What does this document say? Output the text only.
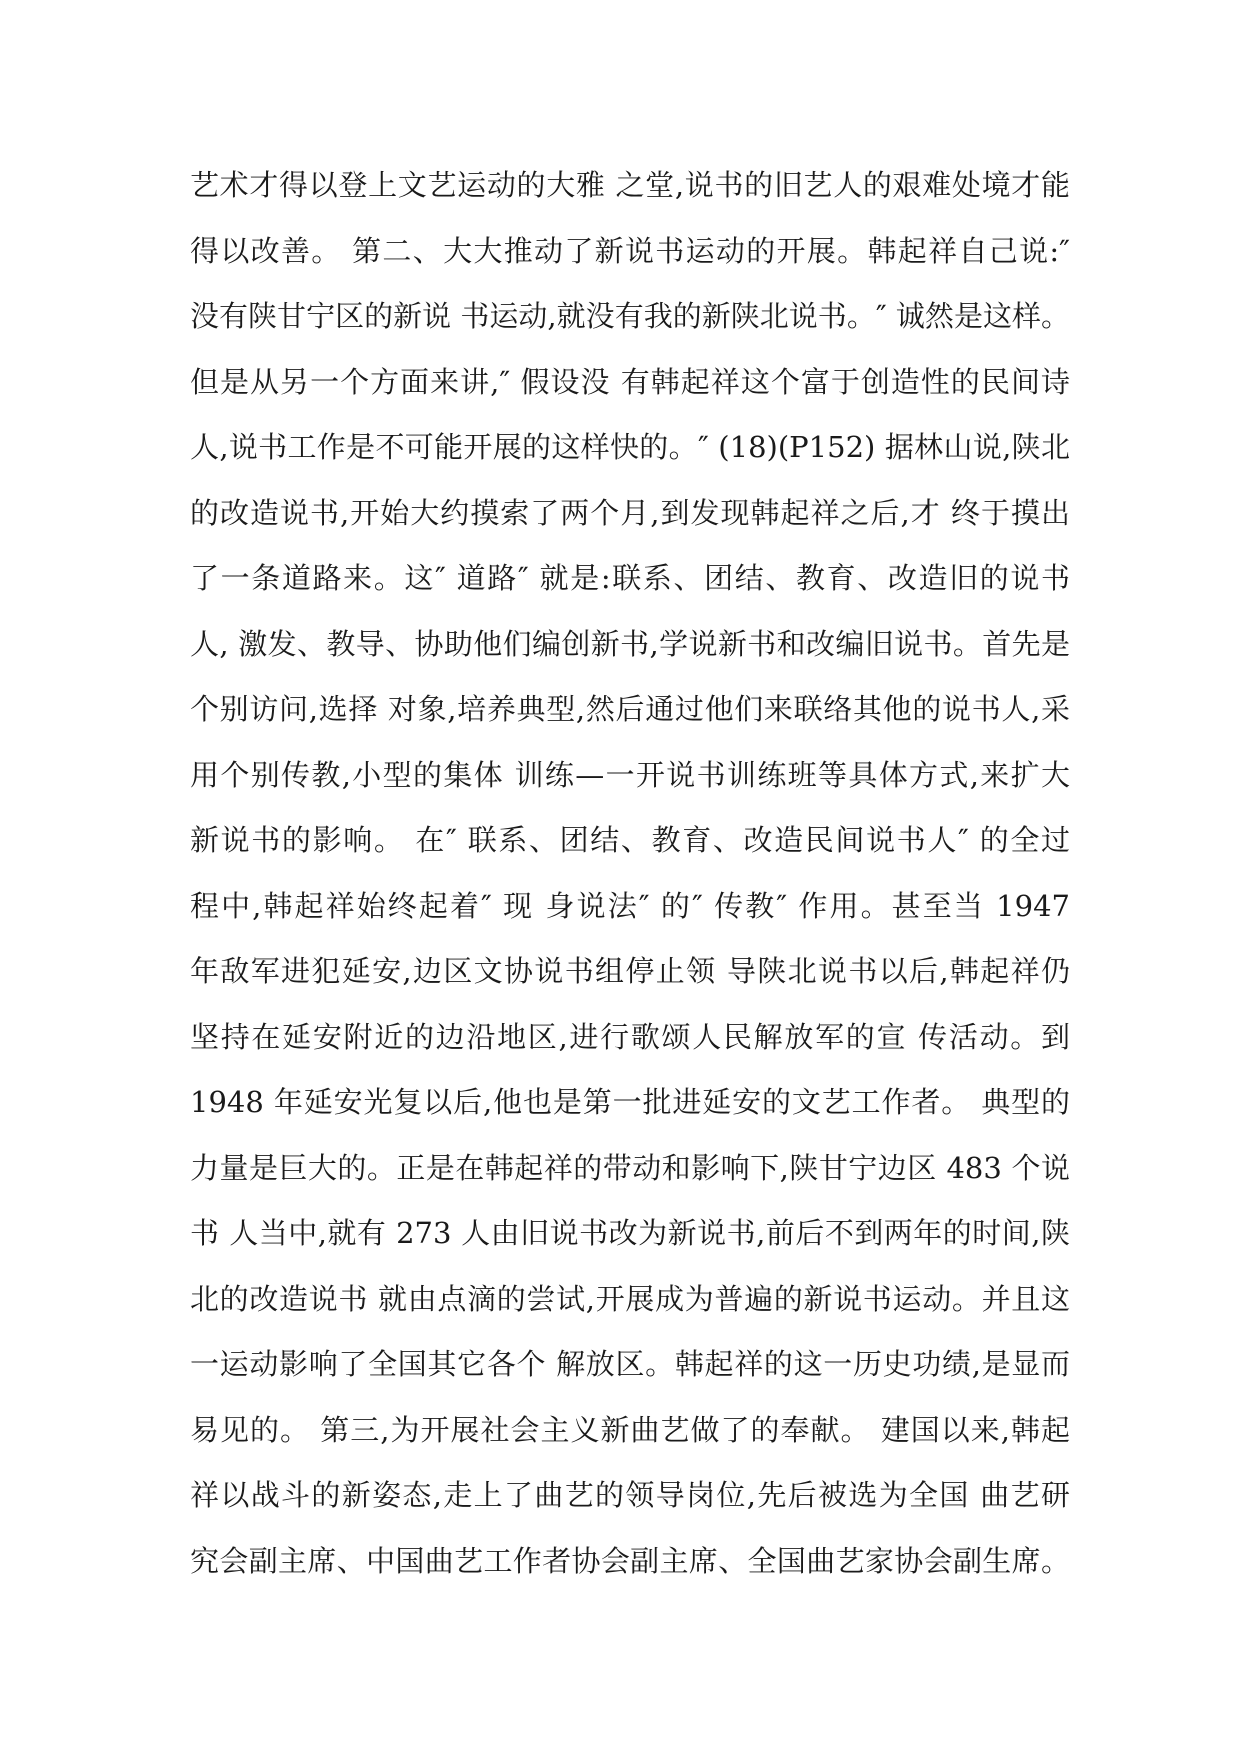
艺术才得以登上文艺运动的大雅 之堂,说书的旧艺人的艰难处境才能
得以改善。 第二、大大推动了新说书运动的开展。韩起祥自己说:″
没有陕甘宁区的新说 书运动,就没有我的新陕北说书。″ 诚然是这样。
但是从另一个方面来讲,″ 假设没 有韩起祥这个富于创造性的民间诗
人,说书工作是不可能开展的这样快的。″ (18)(P152) 据林山说,陕北
的改造说书,开始大约摸索了两个月,到发现韩起祥之后,才 终于摸出
了一条道路来。这″ 道路″ 就是:联系、团结、教育、改造旧的说书
人, 激发、教导、协助他们编创新书,学说新书和改编旧说书。首先是
个别访问,选择 对象,培养典型,然后通过他们来联络其他的说书人,采
用个别传教,小型的集体 训练—一开说书训练班等具体方式,来扩大
新说书的影响。 在″ 联系、团结、教育、改造民间说书人″ 的全过
程中,韩起祥始终起着″ 现 身说法″ 的″ 传教″ 作用。甚至当 1947
年敌军进犯延安,边区文协说书组停止领 导陕北说书以后,韩起祥仍
坚持在延安附近的边沿地区,进行歌颂人民解放军的宣 传活动。到
1948 年延安光复以后,他也是第一批进延安的文艺工作者。 典型的
力量是巨大的。正是在韩起祥的带动和影响下,陕甘宁边区 483 个说
书 人当中,就有 273 人由旧说书改为新说书,前后不到两年的时间,陕
北的改造说书 就由点滴的尝试,开展成为普遍的新说书运动。并且这
一运动影响了全国其它各个 解放区。韩起祥的这一历史功绩,是显而
易见的。 第三,为开展社会主义新曲艺做了的奉献。 建国以来,韩起
祥以战斗的新姿态,走上了曲艺的领导岗位,先后被选为全国 曲艺研
究会副主席、中国曲艺工作者协会副主席、全国曲艺家协会副生席。
